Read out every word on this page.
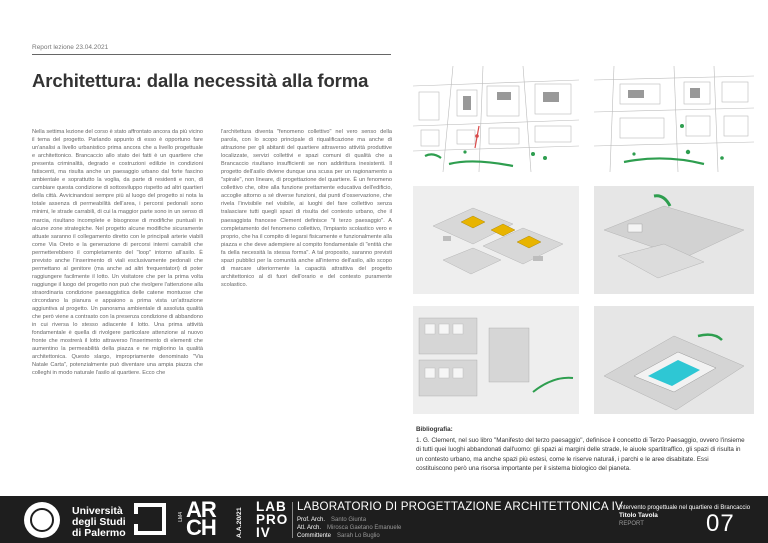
Report lezione 23.04.2021
Architettura: dalla necessità alla forma

Nella settima lezione del corso è stato affrontato ancora da più vicino il tema del progetto. Parlando appunto di esso è opportuno fare un'analisi a livello urbanistico prima ancora che a livello progettuale e architettonico. Brancaccio allo stato dei fatti è un quartiere che presenta criminalità, degrado e costruzioni edilizie in condizioni fatiscenti, ma risulta anche un paesaggio urbano dal forte fascino ambientale e soprattutto la voglia, da parte di residenti e non, di cambiare questa condizione di sottosviluppo rispetto ad altri quartieri della città. Avvicinandosi sempre più al luogo del progetto si nota la totale assenza di permeabilità dell'area, i percorsi pedonali sono minimi, le strade carrabili, di cui la maggior parte sono in un senso di marcia, risultano incomplete e bisognose di modifiche puntuali in alcune zone strategiche. Nel progetto alcune modifiche sicuramente attuate saranno il collegamento diretto con le principali arterie viabili come Via Oreto e la generazione di percorsi interni carrabili che permetterebbero il completamento del "loop" intorno all'asilo. È previsto anche l'inserimento di viali esclusivamente pedonali che permettano al genitore (ma anche ad altri frequentatori) di poter raggiungere facilmente il lotto. Un visitatore che per la prima volta raggiunge il luogo del progetto non può che rivolgere l'attenzione alla straordinaria condizione paesaggistica delle catene montuose che circondano la pianura e appaiono a prima vista un'attrazione aggiuntiva al progetto. Un panorama ambientale di assoluta qualità che però viene a contrasto con la presenza condizione di abbandono in cui riversa lo stesso adiacente il lotto. Una prima attività fondamentale è quella di rivolgere particolare attenzione al nuovo fronte che mostrerà il lotto attraverso l'inserimento di elementi che aumentino la permeabilità della piazza e ne migliorino la qualità architettonica. Questo slargo, impropriamente denominato "Via Natale Carta", potenzialmente può diventare una ampia piazza che colleghi in modo naturale l'asilo al quartiere. Ecco che

l'architettura diventa "fenomeno collettivo" nel vero senso della parola, con lo scopo principale di riqualificazione ma anche di attrazione per gli abitanti del quartiere attraverso attività produttive localizzate, servizi collettivi e spazi comuni di qualità che a Brancaccio risultano insufficienti se non addirittura inesistenti. Il progetto dell'asilo diviene dunque una scusa per un ragionamento a "spirale", non lineare, di progettazione del quartiere. È un fenomeno collettivo che, oltre alla funzione prettamente educativa dell'edificio, accoglie attorno a sé diverse funzioni, dai punti d'osservazione, che rivela l'invisibile nel visibile, ai luoghi del fare collettivo senza tralasciare tutti quegli spazi di risulta del contesto urbano, che il paesaggista francese Clement definisce "il terzo paesaggio". A completamento del fenomeno collettivo, l'impianto scolastico vero e proprio, che ha il compito di legarsi fisicamente e funzionalmente alla piazza e che deve adempiere al compito fondamentale di "entità che fa della necessità la stessa forma". A tal proposito, saranno previsti spazi pubblici per la comunità anche all'interno dell'asilo, allo scopo di marcare ulteriormente la capacità attrattiva del progetto architettonico al di fuori dell'orario e del contesto puramente scolastico.

Bibliografia:
1. G. Clement, nel suo libro "Manifesto del terzo paesaggio", definisce il concetto di Terzo Paesaggio, ovvero l'insieme di tutti quei luoghi abbandonati dall'uomo: gli spazi ai margini delle strade, le aiuole spartitraffico, gli spazi di risulta in un contesto urbano, ma anche spazi più estesi, come le riserve naturali, i parchi e le aree disabitate. Essi costituiscono però una risorsa importante per il sistema biologico del pianeta.
Università
degli Studi
di Palermo
LM4 AR
CH	A.A.20/21
LAB
PRO
IV
LABORATORIO DI PROGETTAZIONE ARCHITETTONICA IV
Prof. Arch. Santo Giunta
Atl. Arch. Mirosca Gaetano Emanuele
Committente Sarah Lo Buglio
Intervento progettuale nel quartiere di Brancaccio
Titolo Tavola
REPORT	07
